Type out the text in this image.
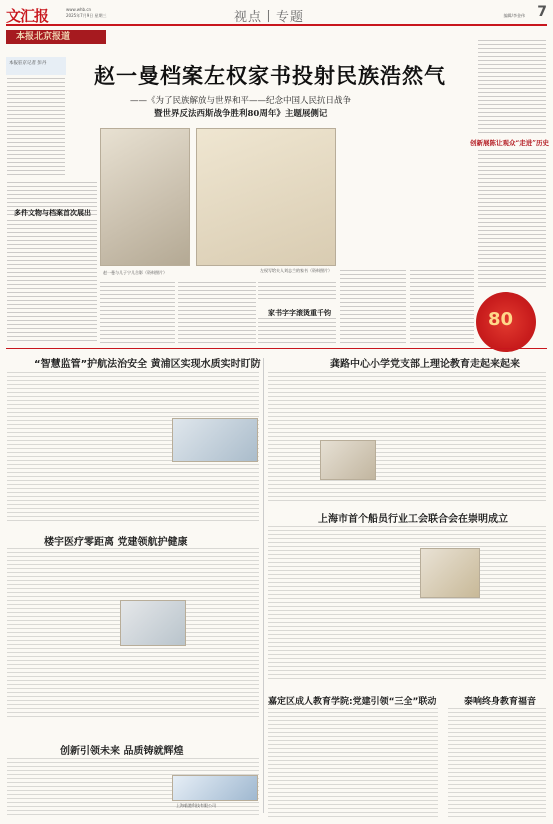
文汇报	www.whb.cn
2025年7月9日 星期三	视点丨专题	编辑/李金伟 7
本报北京报道
本报驻京记者 彭丹	赵一曼档案左权家书投射民族浩然气
——《为了民族解放与世界和平——纪念中国人民抗日战争
暨世界反法西斯战争胜利80周年》主题展侧记
多件文物与档案首次展出
赵一曼与儿子宁儿合影（资料照片）	左权写给夫人刘志兰的家书（资料照片）
家书字字滚烫重千钧
创新展陈让观众“走进”历史
80
“智慧监管”护航法治安全 黄浦区实现水质实时盯防	龚路中心小学党支部上理论教育走起来起来
楼宇医疗零距离 党建领航护健康
上海市首个船员行业工会联合会在崇明成立
创新引领未来 品质铸就辉煌
上海临港科技有限公司
嘉定区成人教育学院:党建引领“三全”联动	泰响终身教育福音
